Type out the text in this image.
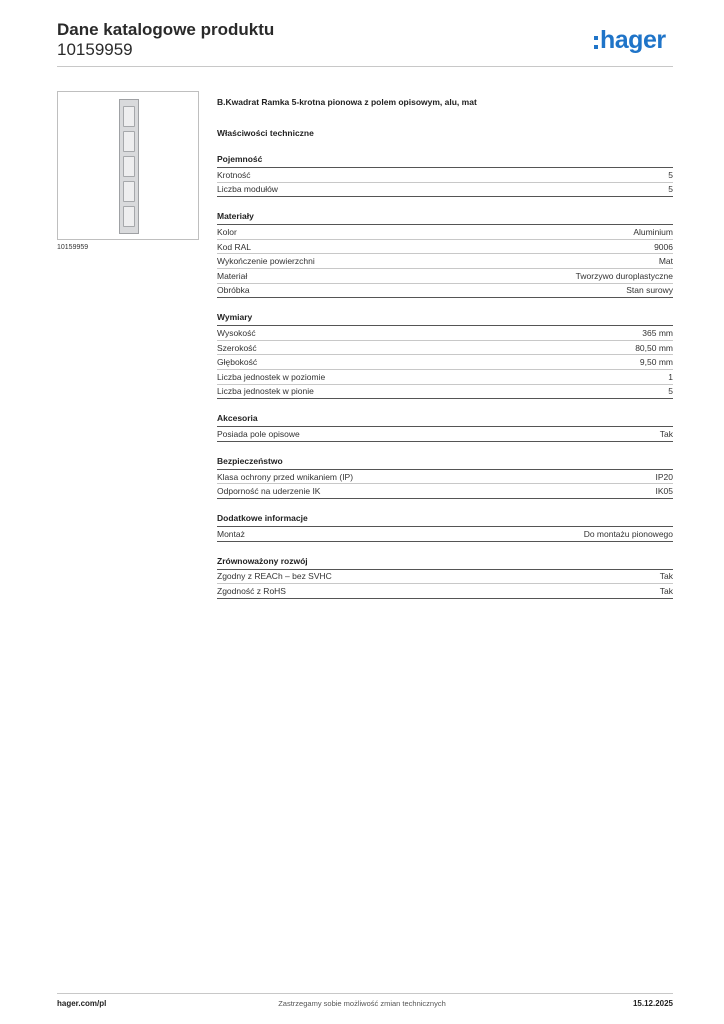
Dane katalogowe produktu
10159959	hager
10159959
B.Kwadrat Ramka 5-krotna pionowa z polem opisowym, alu, mat
Właściwości techniczne
Pojemność
Krotność	5
Liczba modułów	5
Materiały
Kolor	Aluminium
Kod RAL	9006
Wykończenie powierzchni	Mat
Materiał	Tworzywo duroplastyczne
Obróbka	Stan surowy
Wymiary
Wysokość	365 mm
Szerokość	80,50 mm
Głębokość	9,50 mm
Liczba jednostek w poziomie	1
Liczba jednostek w pionie	5
Akcesoria
Posiada pole opisowe	Tak
Bezpieczeństwo
Klasa ochrony przed wnikaniem (IP)	IP20
Odporność na uderzenie IK	IK05
Dodatkowe informacje
Montaż	Do montażu pionowego
Zrównoważony rozwój
Zgodny z REACh – bez SVHC	Tak
Zgodność z RoHS	Tak
hager.com/pl	Zastrzegamy sobie możliwość zmian technicznych	15.12.2025
